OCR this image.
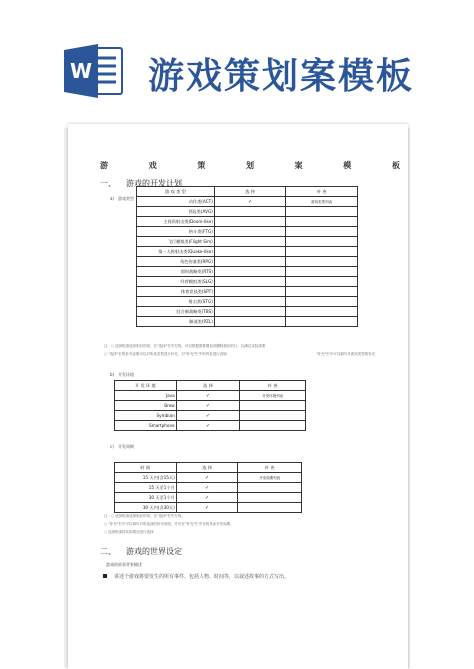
W 游戏策划案模板
游	戏	策	划	案	模	板
一、 游戏的开发计划
a) 游戏类型
游 戏 类 型	选 择	补 充
动作类(ACT)	✓	游戏类型列表
冒险类(AVG)		
主视角射击类(Doom-like)		
格斗类(FTG)		
飞行模拟类(Flight Sim)		
第一人称射击类(Quake-like)		
角色扮演类(RPG)		
即时战略类(RTS)		
经营模拟类(SLG)		
体育竞技类(SPT)		
射击类(STG)		
回合制战略类(TBS)		
解谜类(PZL)		
注：○ 选择框请选择相应的项，在"选择"栏中打钩，可以根据需要增加或删除相应的行，以满足实际需要
○ "选择"栏的补充说明可以对所选类型进行补充，对"补充"栏中的内容进行说明	"补充"栏中可以填写对游戏类型的补充
b) 开发环境
开 发 环 境	选 择	补 充
Java	✓	开发环境列表
Brew	✓	
Symbian	✓	
Smartphone	✓	
c) 开发周期
时 间	选 择	补 充
15 天内(含15天)	✓	开发周期列表
15 天至1个月	✓	
30 天至1个月	✓	
30 天内(含30天)	✓	
注：○ 选择框请选择相应的项，在"选择"栏中打钩。
○ "补充"栏中可以填写对所选项的补充说明，并可在"补充"栏中写明具体开发周期。
○ 选择框请按实际情况进行选择
二、 游戏的世界设定
游戏的故事背景概述
讲述个游戏将要发生的所有事件、包括人物、时间等，以叙述故事的方式写出。
